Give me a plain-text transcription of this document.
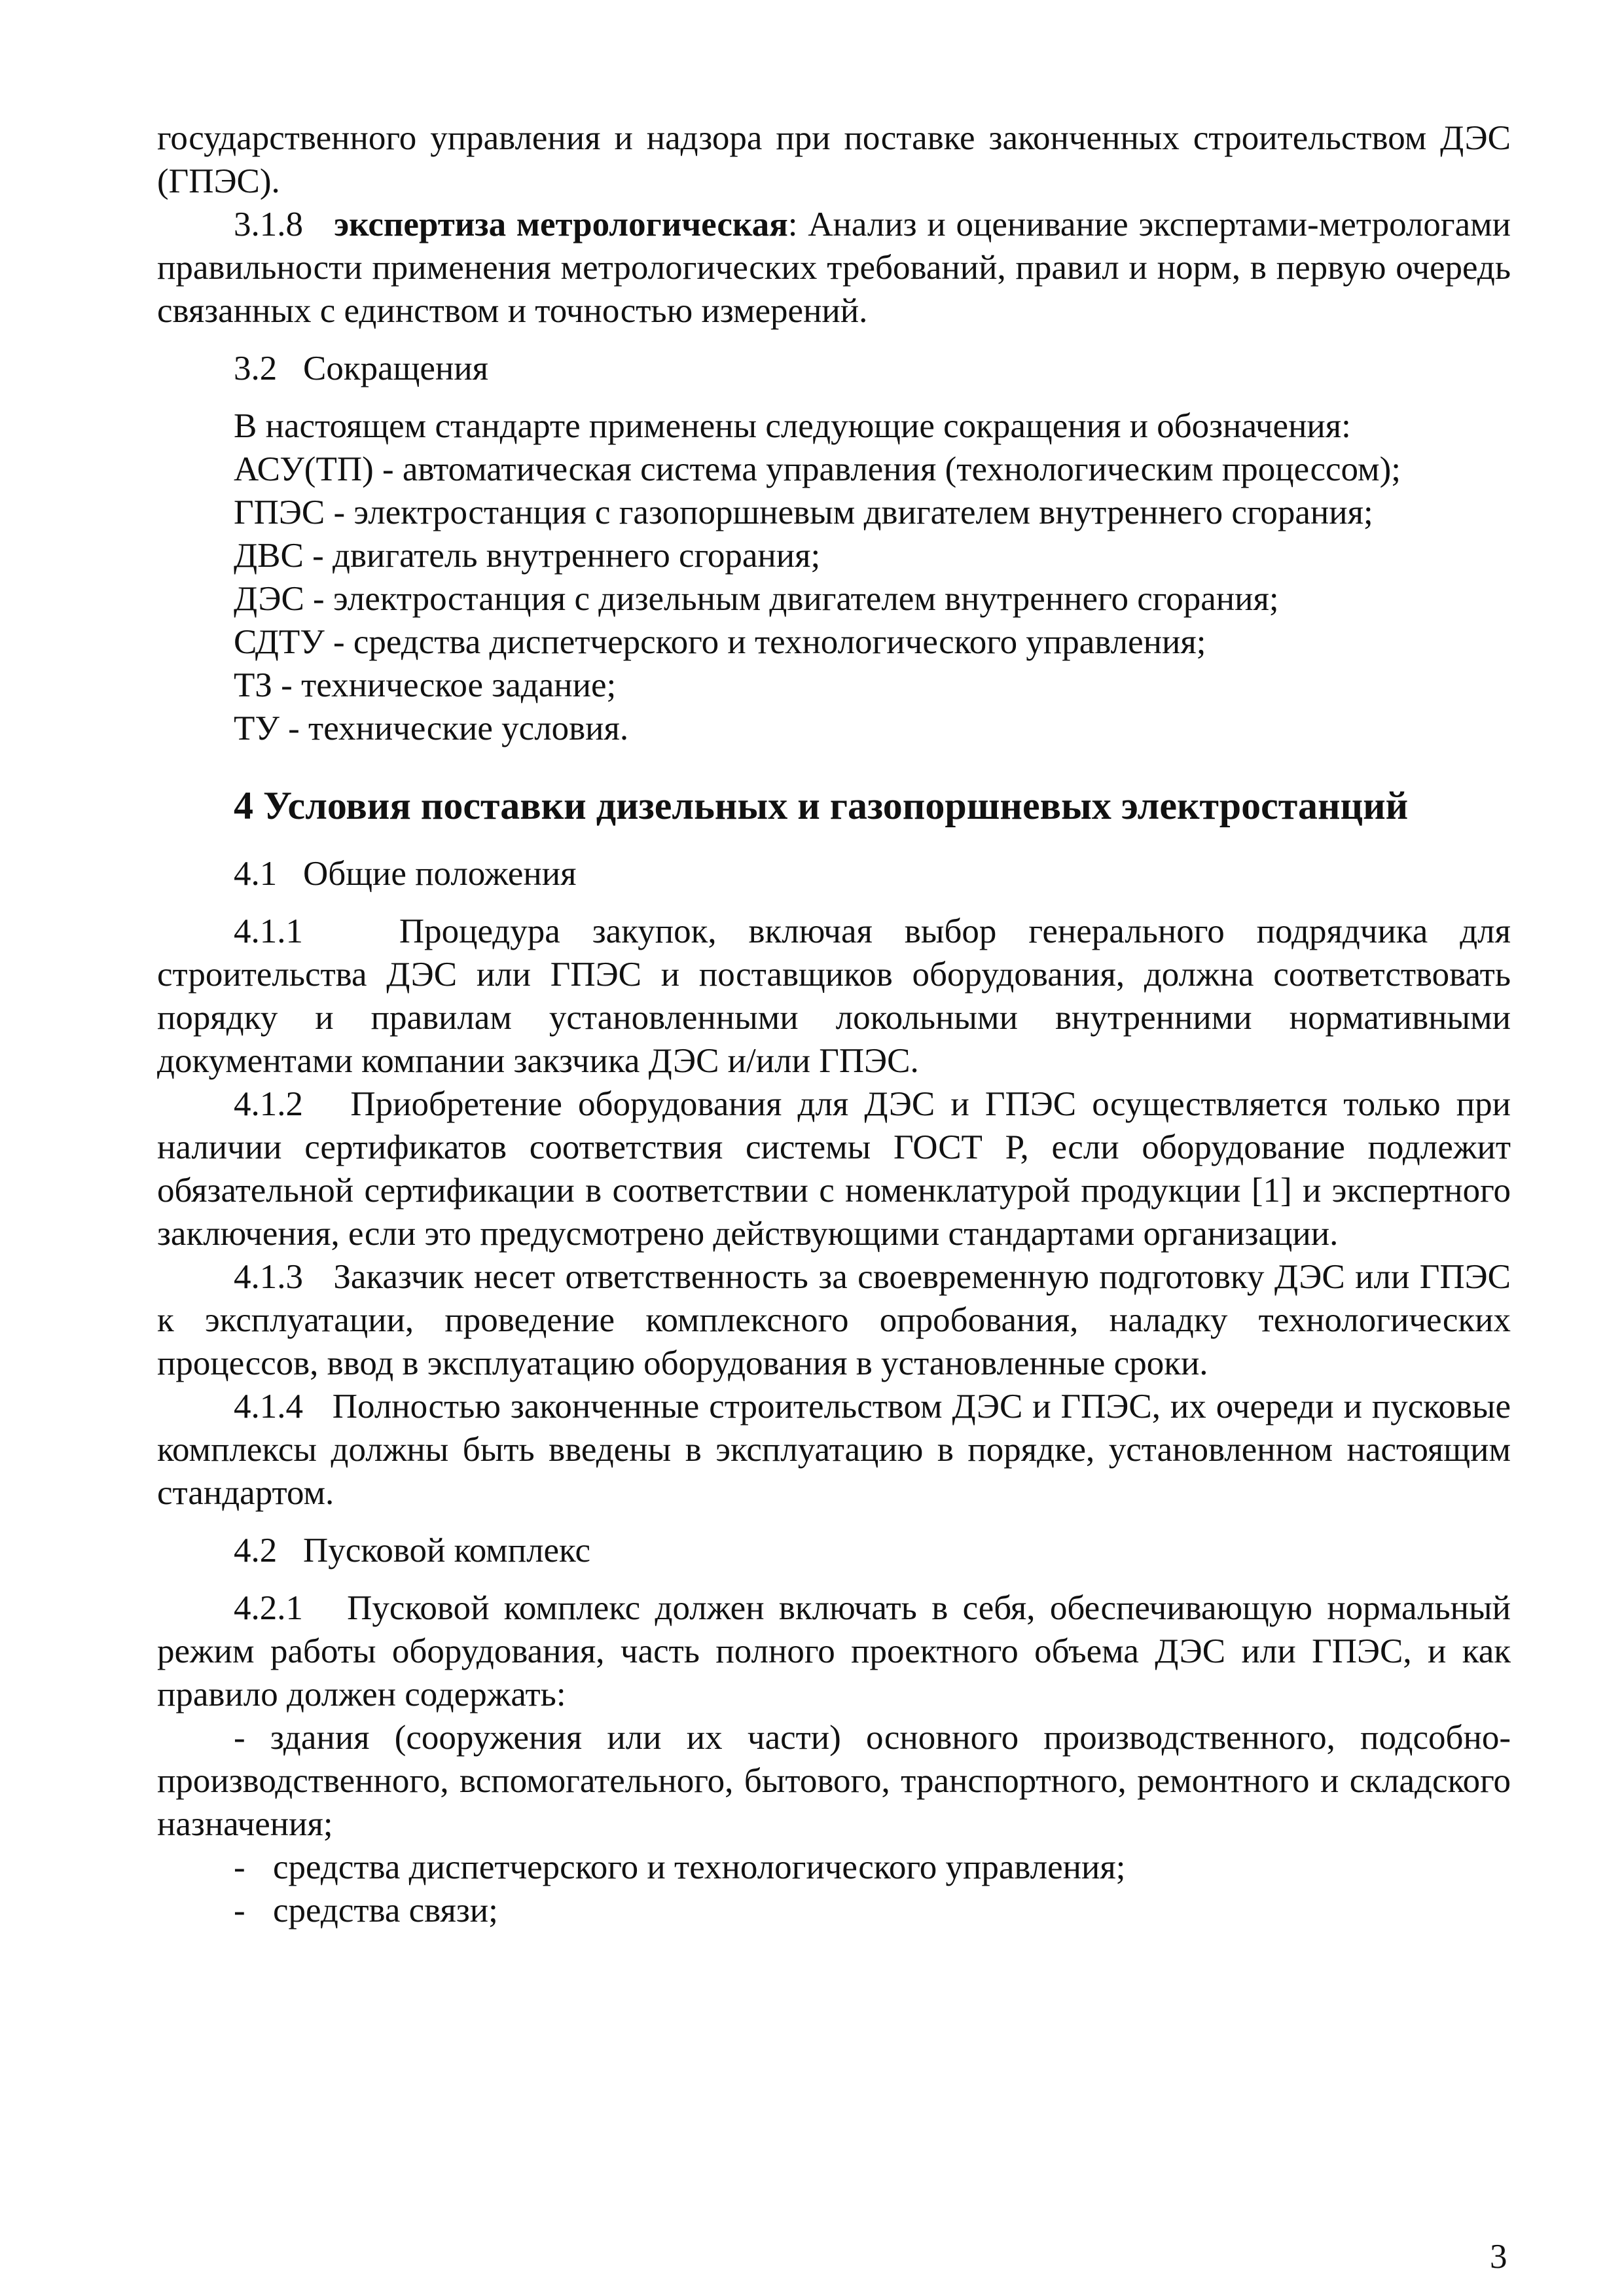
государственного управления и надзора при поставке законченных строительством ДЭС (ГПЭС).

3.1.8 экспертиза метрологическая: Анализ и оценивание экспертами-метрологами правильности применения метрологических требований, правил и норм, в первую очередь связанных с единством и точностью измерений.

3.2 Сокращения

В настоящем стандарте применены следующие сокращения и обозначения:

АСУ(ТП) - автоматическая система управления (технологическим процессом);

ГПЭС - электростанция с газопоршневым двигателем внутреннего сгорания;

ДВС - двигатель внутреннего сгорания;

ДЭС - электростанция с дизельным двигателем внутреннего сгорания;

СДТУ - средства диспетчерского и технологического управления;

ТЗ - техническое задание;

ТУ - технические условия.

4 Условия поставки дизельных и газопоршневых электростанций

4.1 Общие положения

4.1.1	Процедура закупок, включая выбор генерального подрядчика для строительства ДЭС или ГПЭС и поставщиков оборудования, должна соответствовать порядку и правилам установленными локольными внутренними нормативными документами компании закзчика ДЭС и/или ГПЭС.

4.1.2 Приобретение оборудования для ДЭС и ГПЭС осуществляется только при наличии сертификатов соответствия системы ГОСТ Р, если оборудование подлежит обязательной сертификации в соответствии с номенклатурой продукции [1] и экспертного заключения, если это предусмотрено действующими стандартами организации.

4.1.3 Заказчик несет ответственность за своевременную подготовку ДЭС или ГПЭС к эксплуатации, проведение комплексного опробования, наладку технологических процессов, ввод в эксплуатацию оборудования в установленные сроки.

4.1.4 Полностью законченные строительством ДЭС и ГПЭС, их очереди и пусковые комплексы должны быть введены в эксплуатацию в порядке, установленном настоящим стандартом.

4.2 Пусковой комплекс

4.2.1 Пусковой комплекс должен включать в себя, обеспечивающую нормальный режим работы оборудования, часть полного проектного объема ДЭС или ГПЭС, и как правило должен содержать:

- здания (сооружения или их части) основного производственного, подсобно-производственного, вспомогательного, бытового, транспортного, ремонтного и складского назначения;

- средства диспетчерского и технологического управления;

- средства связи;

3
